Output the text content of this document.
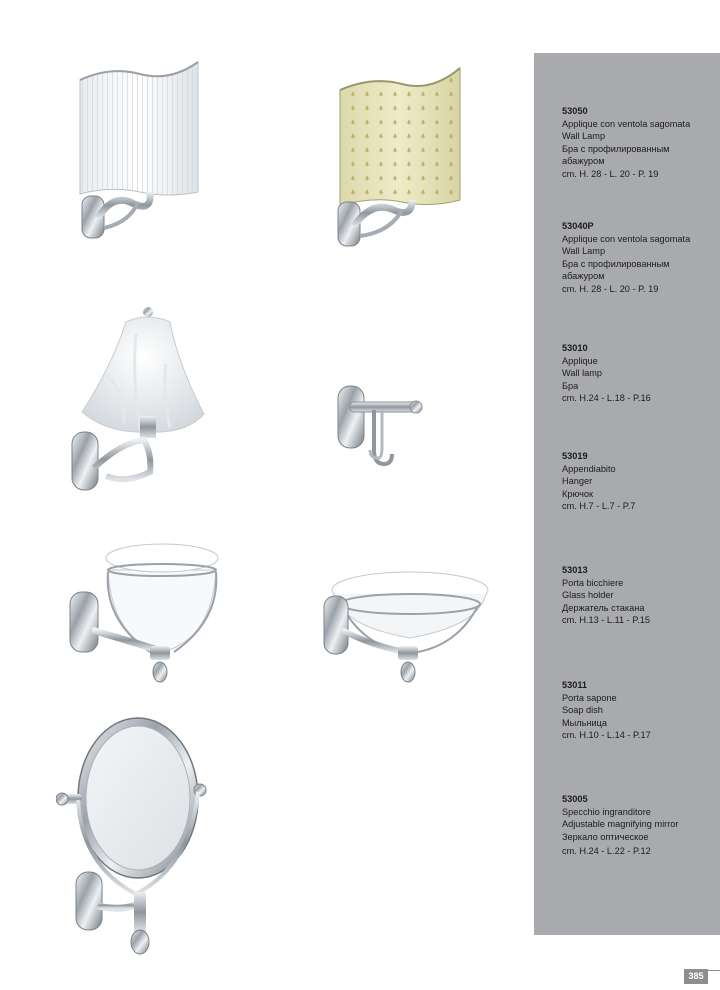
53050
Applique con ventola sagomata
Wall Lamp
Бра с профилированным
абажуром
cm. H. 28 - L. 20 - P. 19
53040P
Applique con ventola sagomata
Wall Lamp
Бра с профилированным
абажуром
cm. H. 28 - L. 20 - P. 19
53010
Applique
Wall lamp
Бра
cm. H.24 - L.18 - P.16
53019
Appendiabito
Hanger
Крючок
cm. H.7 - L.7 - P.7
53013
Porta bicchiere
Glass holder
Держатель стакана
cm. H.13 - L.11 - P.15
53011
Porta sapone
Soap dish
Мыльница
cm. H.10 - L.14 - P.17
53005
Specchio ingranditore
Adjustable magnifying mirror
Зеркало оптическое
cm. H.24 - L.22 - P.12
385
